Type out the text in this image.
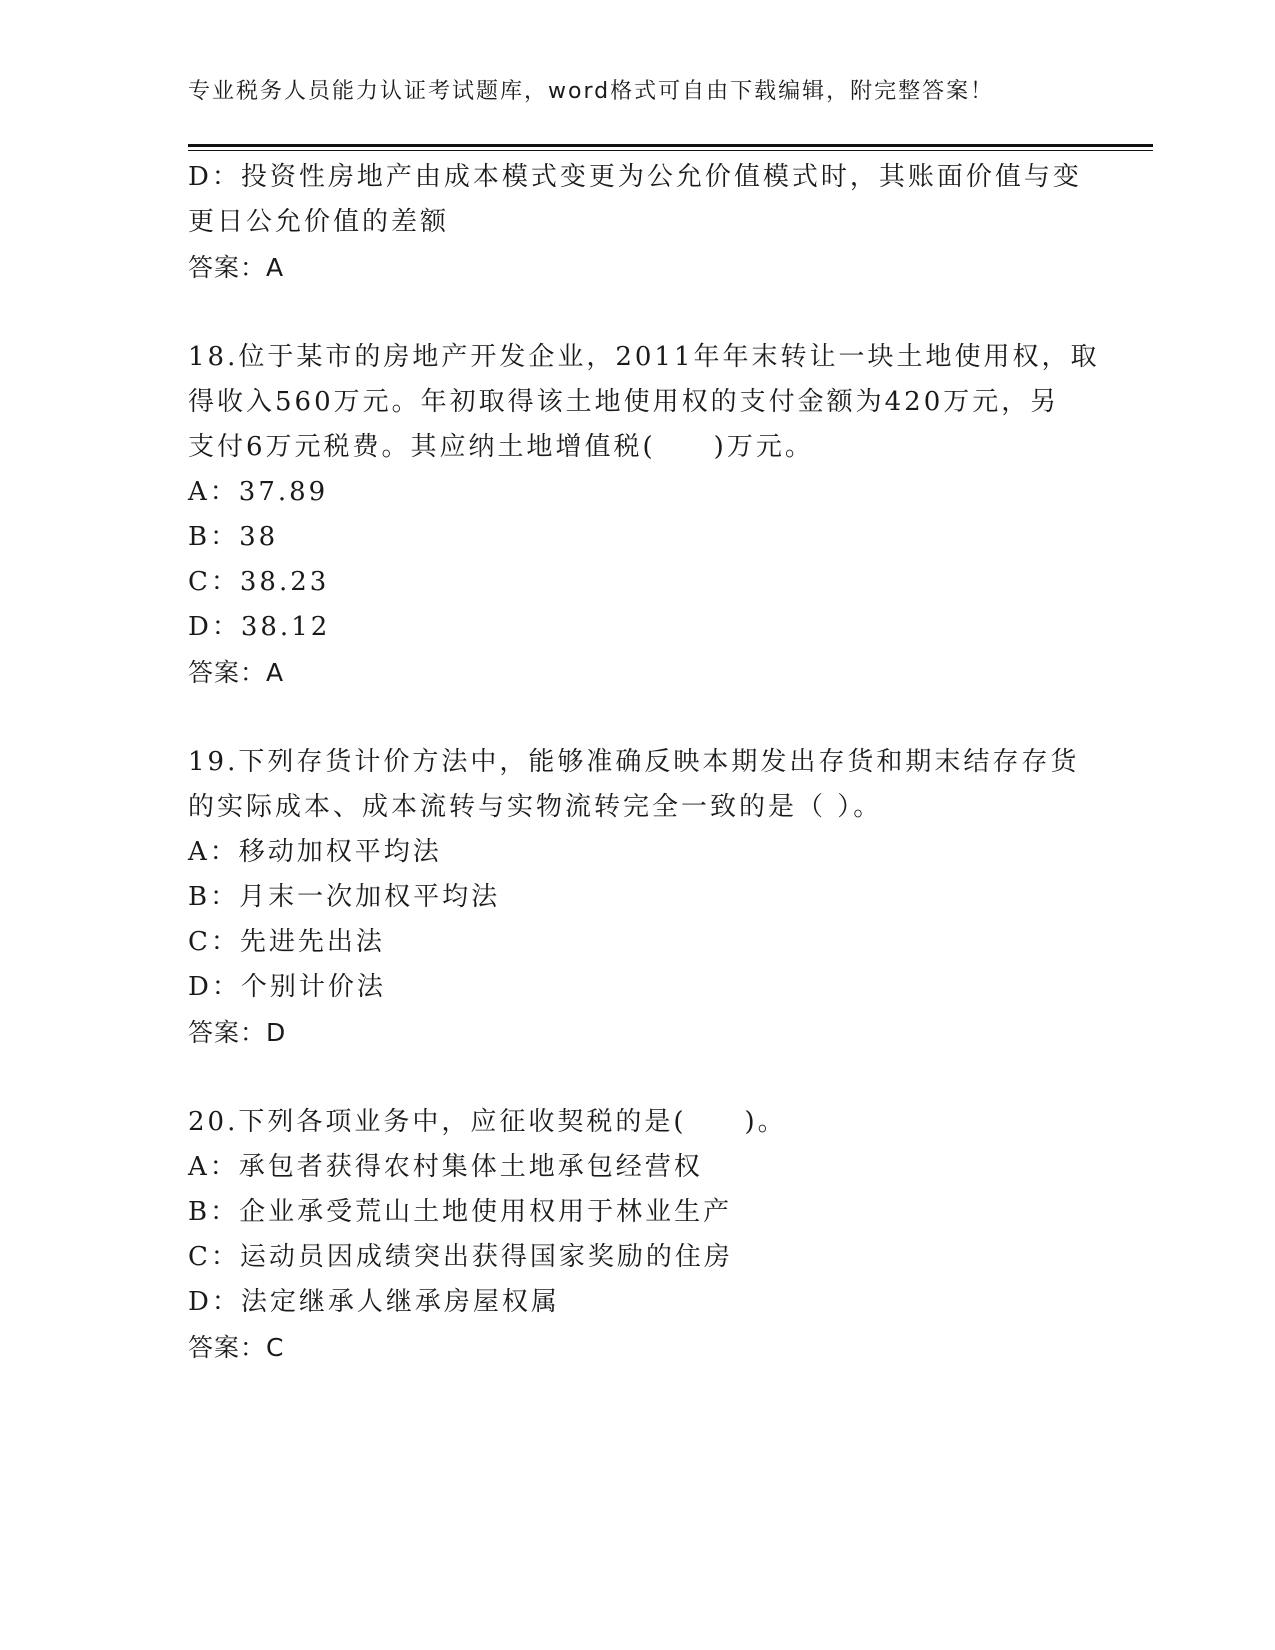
专业税务人员能力认证考试题库，word格式可自由下载编辑，附完整答案！
D：投资性房地产由成本模式变更为公允价值模式时，其账面价值与变
更日公允价值的差额
答案：A
18.位于某市的房地产开发企业，2011年年末转让一块土地使用权，取
得收入560万元。年初取得该土地使用权的支付金额为420万元，另
支付6万元税费。其应纳土地增值税(　　)万元。
A：37.89
B：38
C：38.23
D：38.12
答案：A
19.下列存货计价方法中，能够准确反映本期发出存货和期末结存存货
的实际成本、成本流转与实物流转完全一致的是（ ）。
A：移动加权平均法
B：月末一次加权平均法
C：先进先出法
D：个别计价法
答案：D
20.下列各项业务中，应征收契税的是(　　)。
A：承包者获得农村集体土地承包经营权
B：企业承受荒山土地使用权用于林业生产
C：运动员因成绩突出获得国家奖励的住房
D：法定继承人继承房屋权属
答案：C
